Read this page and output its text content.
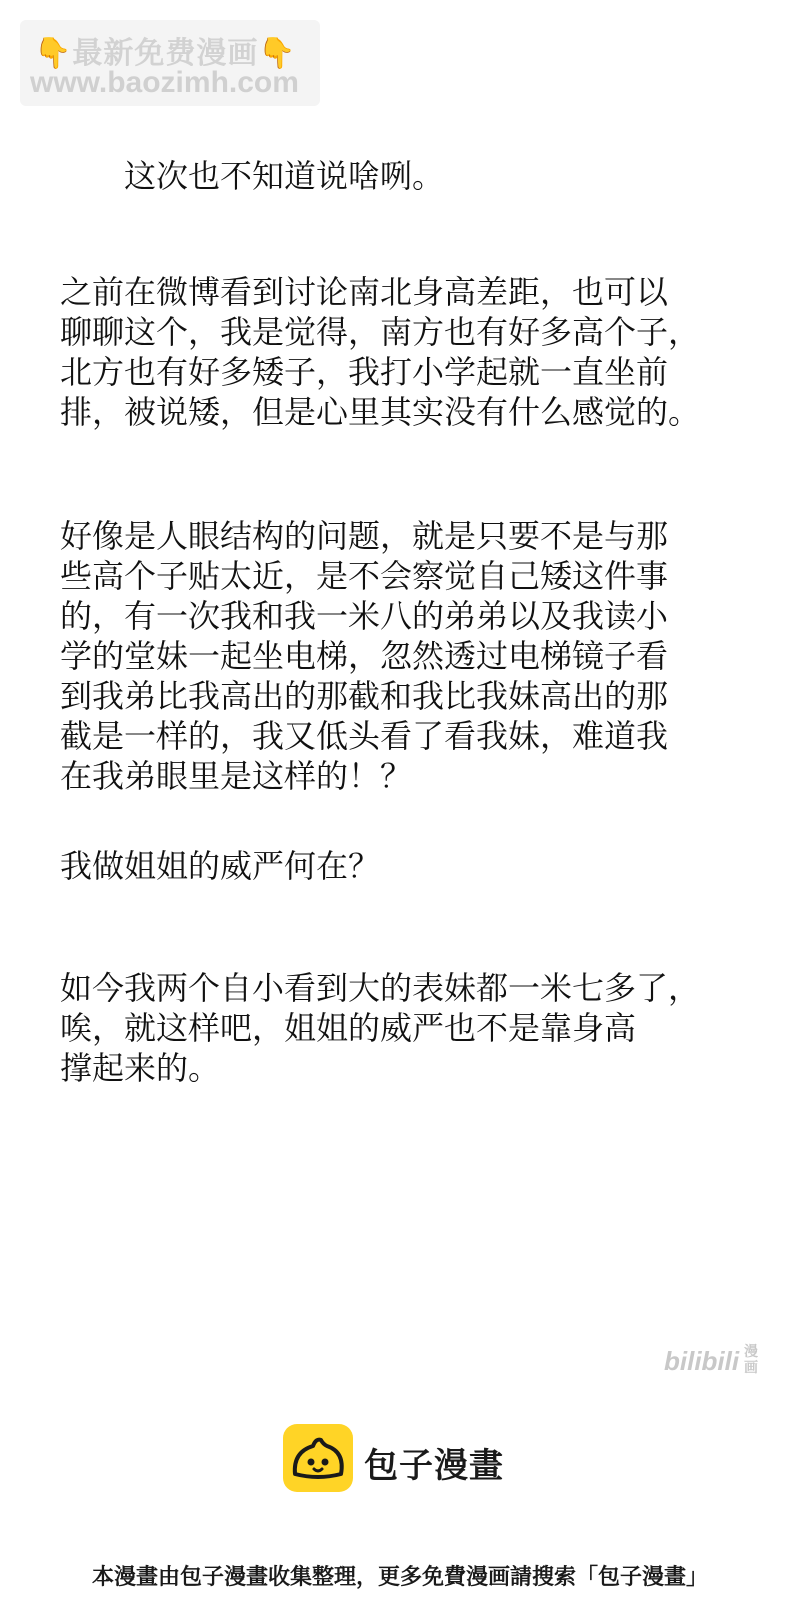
👇最新免费漫画👇
www.baozimh.com
这次也不知道说啥咧。
之前在微博看到讨论南北身高差距，也可以
聊聊这个，我是觉得，南方也有好多高个子，
北方也有好多矮子，我打小学起就一直坐前
排，被说矮，但是心里其实没有什么感觉的。
好像是人眼结构的问题，就是只要不是与那
些高个子贴太近，是不会察觉自己矮这件事
的，有一次我和我一米八的弟弟以及我读小
学的堂妹一起坐电梯，忽然透过电梯镜子看
到我弟比我高出的那截和我比我妹高出的那
截是一样的，我又低头看了看我妹，难道我
在我弟眼里是这样的！？
我做姐姐的威严何在？
如今我两个自小看到大的表妹都一米七多了，
唉，就这样吧，姐姐的威严也不是靠身高
撑起来的。
bilibili 漫画
包子漫畫
本漫畫由包子漫畫收集整理，更多免費漫画請搜索「包子漫畫」
